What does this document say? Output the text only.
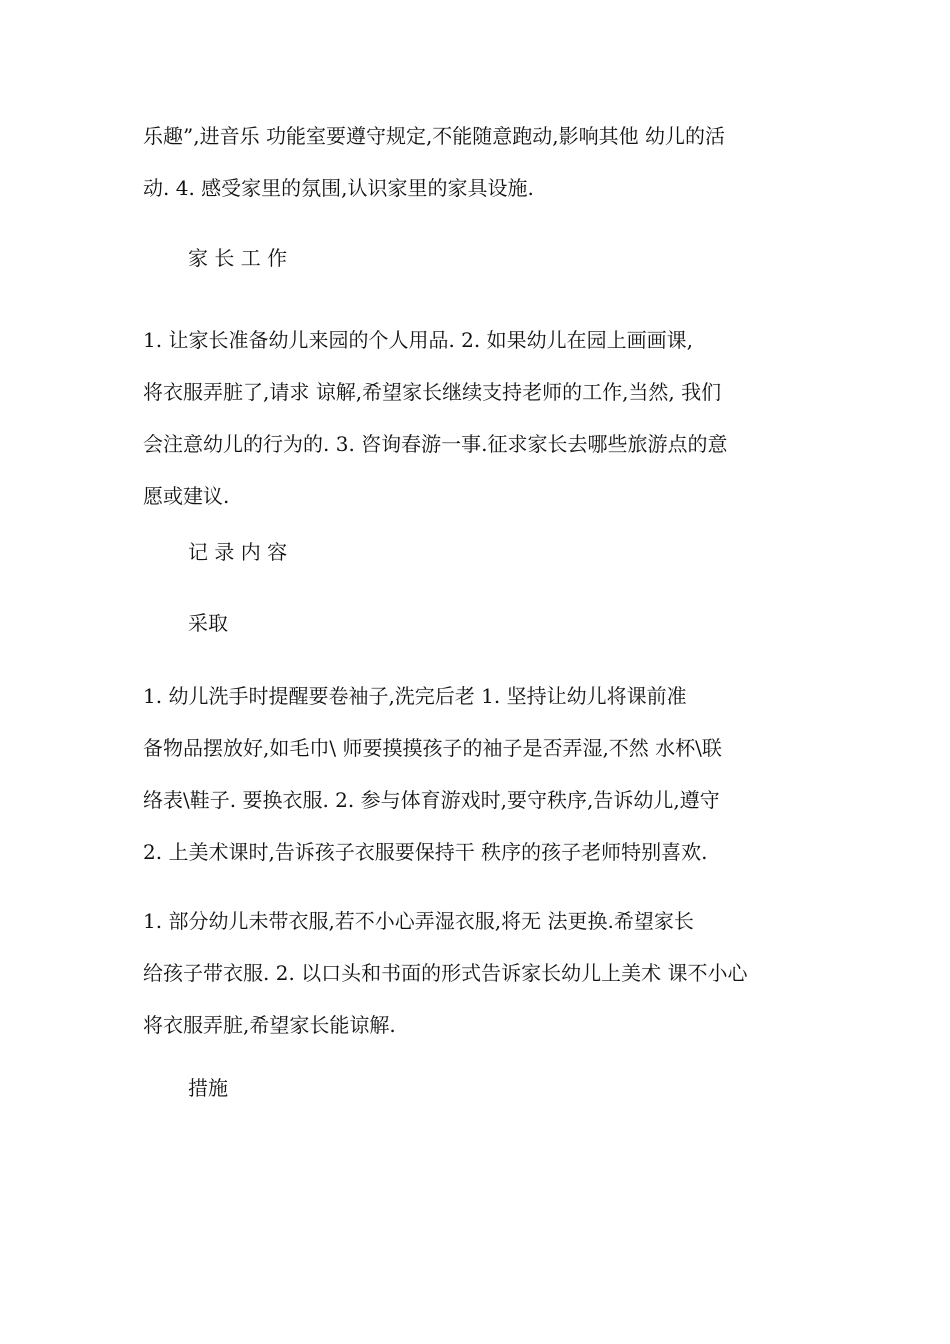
乐趣”,进音乐 功能室要遵守规定,不能随意跑动,影响其他 幼儿的活
动. 4. 感受家里的氛围,认识家里的家具设施.
家 长 工 作
1. 让家长准备幼儿来园的个人用品. 2. 如果幼儿在园上画画课,
将衣服弄脏了,请求 谅解,希望家长继续支持老师的工作,当然, 我们
会注意幼儿的行为的. 3. 咨询春游一事.征求家长去哪些旅游点的意
愿或建议.
记 录 内 容
采取
1. 幼儿洗手时提醒要卷袖子,洗完后老 1. 坚持让幼儿将课前准
备物品摆放好,如毛巾\ 师要摸摸孩子的袖子是否弄湿,不然 水杯\联
络表\鞋子. 要换衣服. 2. 参与体育游戏时,要守秩序,告诉幼儿,遵守
2. 上美术课时,告诉孩子衣服要保持干 秩序的孩子老师特别喜欢.
1. 部分幼儿未带衣服,若不小心弄湿衣服,将无 法更换.希望家长
给孩子带衣服. 2. 以口头和书面的形式告诉家长幼儿上美术 课不小心
将衣服弄脏,希望家长能谅解.
措施
